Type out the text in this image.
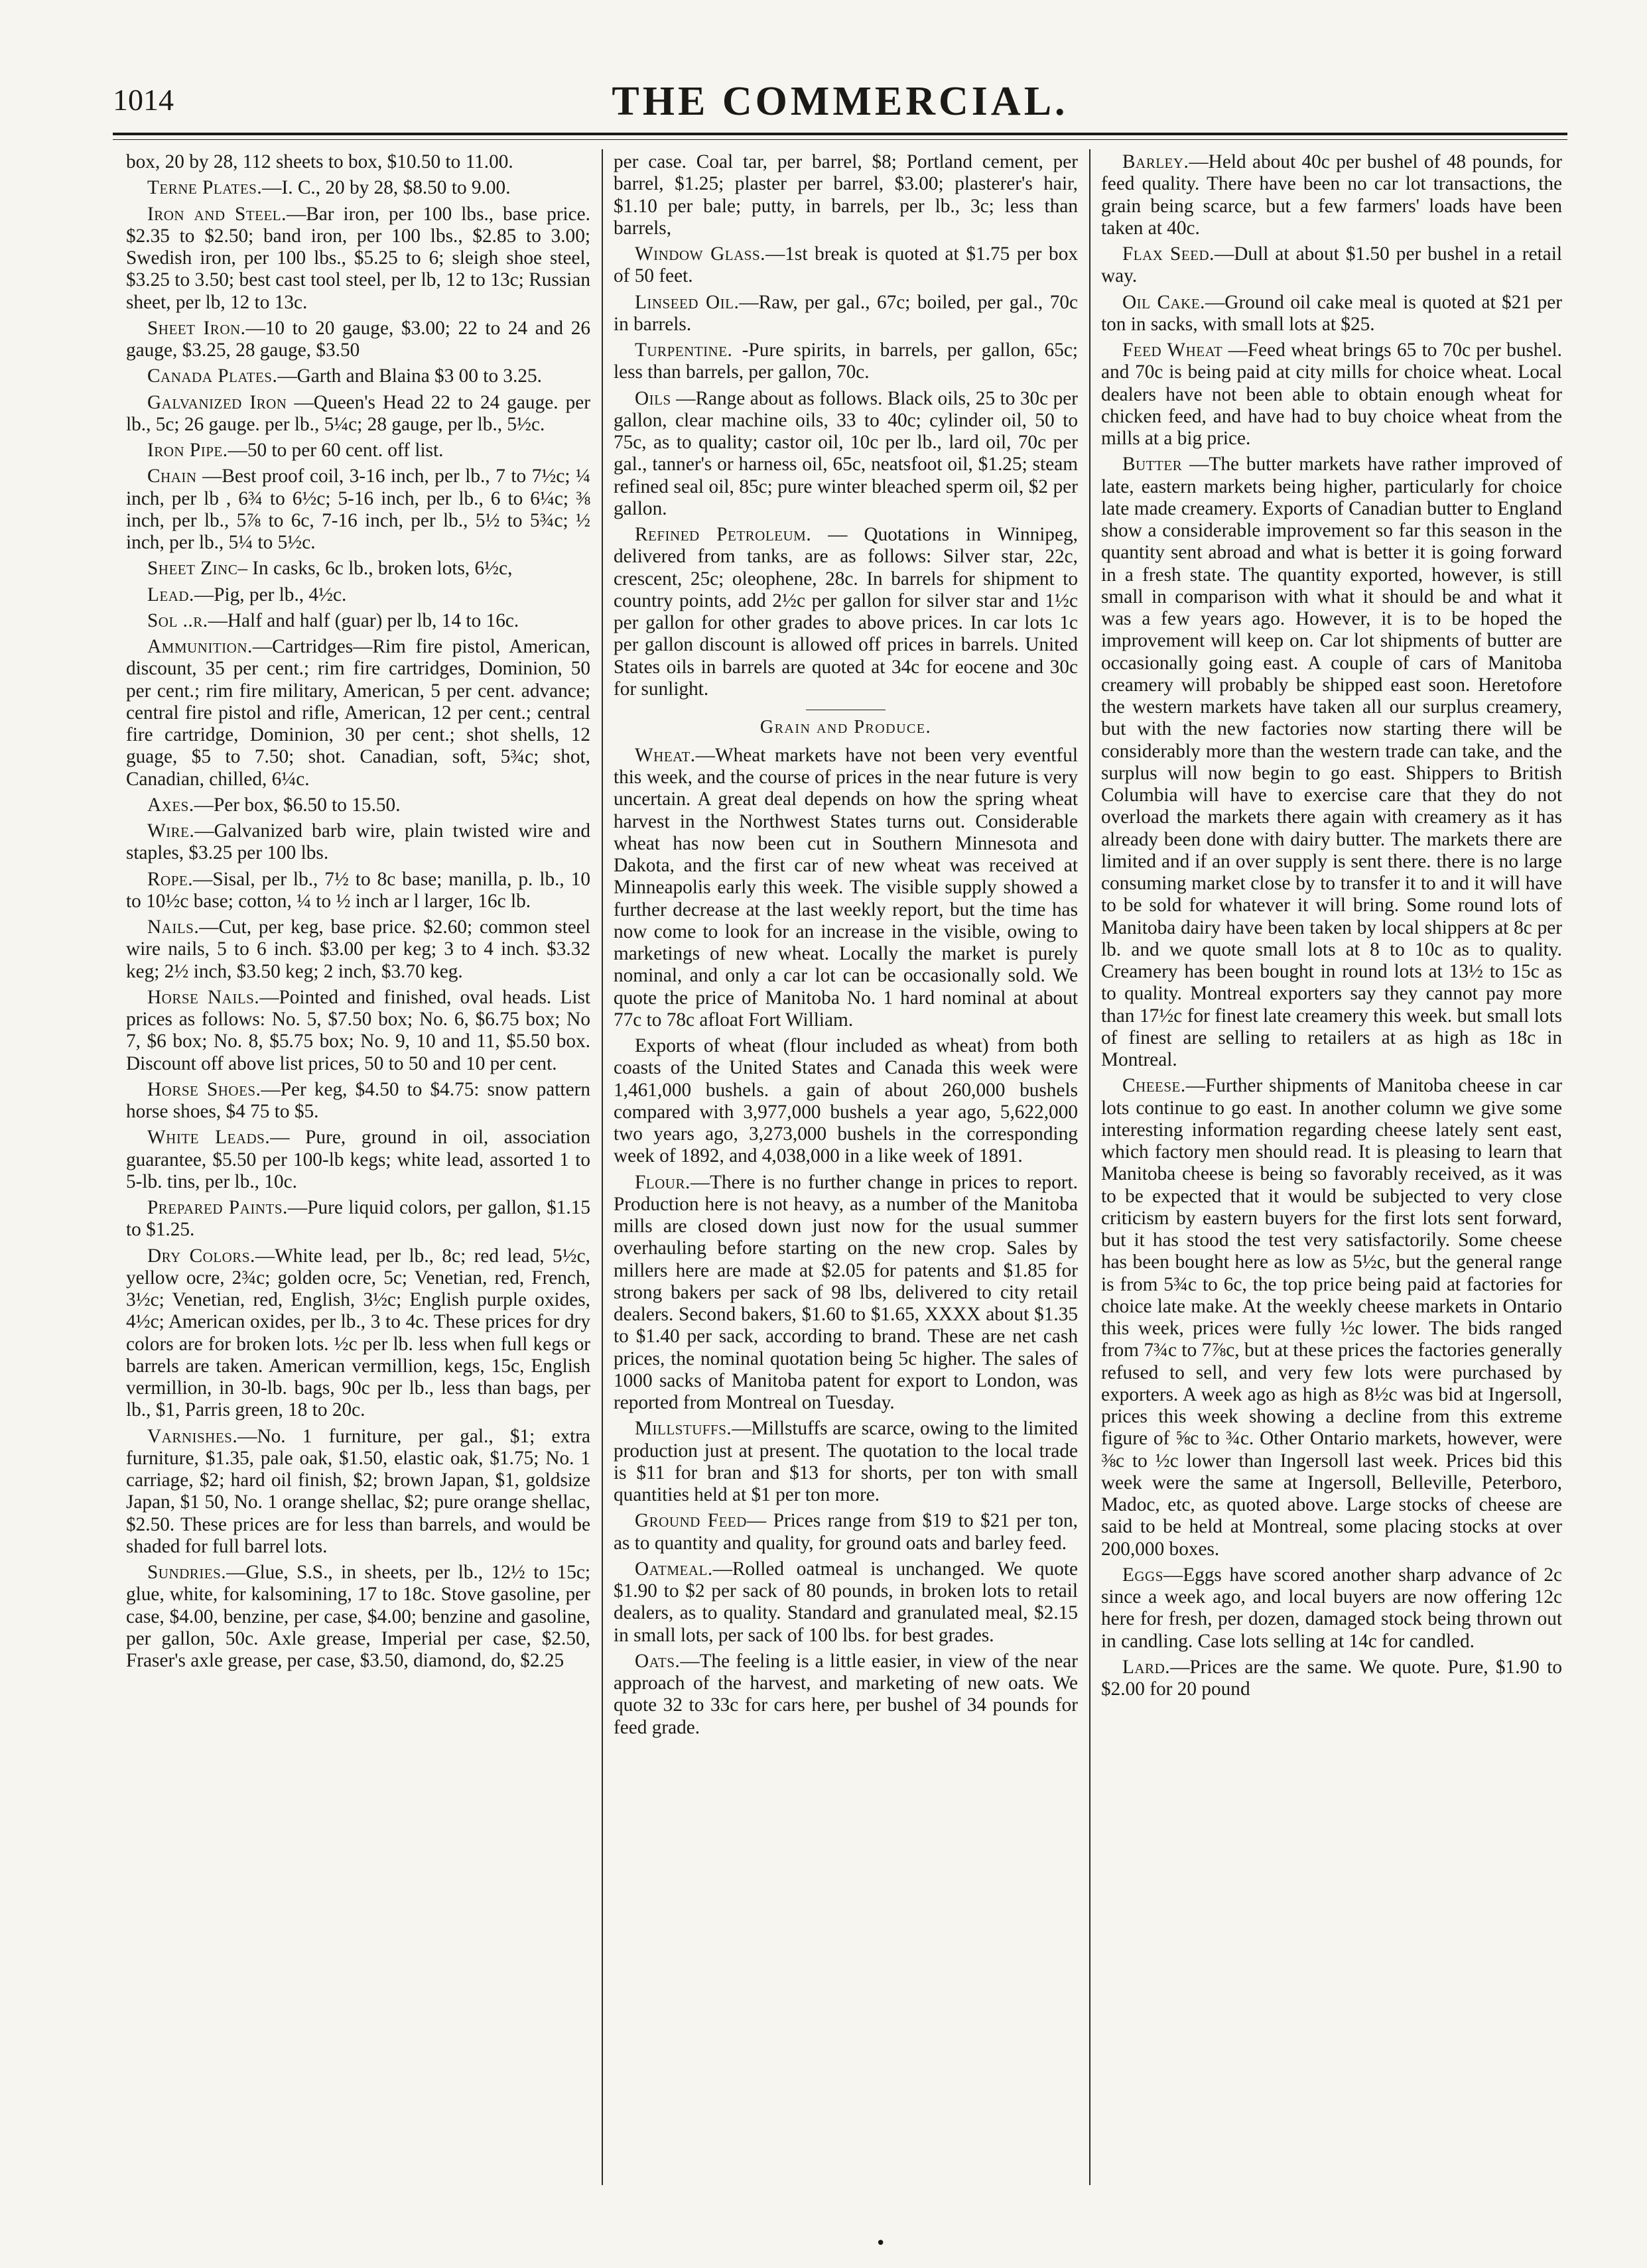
1014	THE COMMERCIAL.

box, 20 by 28, 112 sheets to box, $10.50 to 11.00.

Terne Plates.—I. C., 20 by 28, $8.50 to 9.00.

Iron and Steel.—Bar iron, per 100 lbs., base price. $2.35 to $2.50; band iron, per 100 lbs., $2.85 to 3.00; Swedish iron, per 100 lbs., $5.25 to 6; sleigh shoe steel, $3.25 to 3.50; best cast tool steel, per lb, 12 to 13c; Russian sheet, per lb, 12 to 13c.

Sheet Iron.—10 to 20 gauge, $3.00; 22 to 24 and 26 gauge, $3.25, 28 gauge, $3.50

Canada Plates.—Garth and Blaina $3 00 to 3.25.

Galvanized Iron —Queen's Head 22 to 24 gauge. per lb., 5c; 26 gauge. per lb., 5¼c; 28 gauge, per lb., 5½c.

Iron Pipe.—50 to per 60 cent. off list.

Chain —Best proof coil, 3-16 inch, per lb., 7 to 7½c; ¼ inch, per lb , 6¾ to 6½c; 5-16 inch, per lb., 6 to 6¼c; ⅜ inch, per lb., 5⅞ to 6c, 7-16 inch, per lb., 5½ to 5¾c; ½ inch, per lb., 5¼ to 5½c.

Sheet Zinc– In casks, 6c lb., broken lots, 6½c,

Lead.—Pig, per lb., 4½c.

Sol ..r.—Half and half (guar) per lb, 14 to 16c.

Ammunition.—Cartridges—Rim fire pistol, American, discount, 35 per cent.; rim fire cartridges, Dominion, 50 per cent.; rim fire military, American, 5 per cent. advance; central fire pistol and rifle, American, 12 per cent.; central fire cartridge, Dominion, 30 per cent.; shot shells, 12 guage, $5 to 7.50; shot. Canadian, soft, 5¾c; shot, Canadian, chilled, 6¼c.

Axes.—Per box, $6.50 to 15.50.

Wire.—Galvanized barb wire, plain twisted wire and staples, $3.25 per 100 lbs.

Rope.—Sisal, per lb., 7½ to 8c base; manilla, p. lb., 10 to 10½c base; cotton, ¼ to ½ inch ar l larger, 16c lb.

Nails.—Cut, per keg, base price. $2.60; common steel wire nails, 5 to 6 inch. $3.00 per keg; 3 to 4 inch. $3.32 keg; 2½ inch, $3.50 keg; 2 inch, $3.70 keg.

Horse Nails.—Pointed and finished, oval heads. List prices as follows: No. 5, $7.50 box; No. 6, $6.75 box; No 7, $6 box; No. 8, $5.75 box; No. 9, 10 and 11, $5.50 box. Discount off above list prices, 50 to 50 and 10 per cent.

Horse Shoes.—Per keg, $4.50 to $4.75: snow pattern horse shoes, $4 75 to $5.

White Leads.— Pure, ground in oil, association guarantee, $5.50 per 100-lb kegs; white lead, assorted 1 to 5-lb. tins, per lb., 10c.

Prepared Paints.—Pure liquid colors, per gallon, $1.15 to $1.25.

Dry Colors.—White lead, per lb., 8c; red lead, 5½c, yellow ocre, 2¾c; golden ocre, 5c; Venetian, red, French, 3½c; Venetian, red, English, 3½c; English purple oxides, 4½c; American oxides, per lb., 3 to 4c. These prices for dry colors are for broken lots. ½c per lb. less when full kegs or barrels are taken. American vermillion, kegs, 15c, English vermillion, in 30-lb. bags, 90c per lb., less than bags, per lb., $1, Parris green, 18 to 20c.

Varnishes.—No. 1 furniture, per gal., $1; extra furniture, $1.35, pale oak, $1.50, elastic oak, $1.75; No. 1 carriage, $2; hard oil finish, $2; brown Japan, $1, goldsize Japan, $1 50, No. 1 orange shellac, $2; pure orange shellac, $2.50. These prices are for less than barrels, and would be shaded for full barrel lots.

Sundries.—Glue, S.S., in sheets, per lb., 12½ to 15c; glue, white, for kalsomining, 17 to 18c. Stove gasoline, per case, $4.00, benzine, per case, $4.00; benzine and gasoline, per gallon, 50c. Axle grease, Imperial per case, $2.50, Fraser's axle grease, per case, $3.50, diamond, do, $2.25

per case. Coal tar, per barrel, $8; Portland cement, per barrel, $1.25; plaster per barrel, $3.00; plasterer's hair, $1.10 per bale; putty, in barrels, per lb., 3c; less than barrels,

Window Glass.—1st break is quoted at $1.75 per box of 50 feet.

Linseed Oil.—Raw, per gal., 67c; boiled, per gal., 70c in barrels.

Turpentine. -Pure spirits, in barrels, per gallon, 65c; less than barrels, per gallon, 70c.

Oils —Range about as follows. Black oils, 25 to 30c per gallon, clear machine oils, 33 to 40c; cylinder oil, 50 to 75c, as to quality; castor oil, 10c per lb., lard oil, 70c per gal., tanner's or harness oil, 65c, neatsfoot oil, $1.25; steam refined seal oil, 85c; pure winter bleached sperm oil, $2 per gallon.

Refined Petroleum. — Quotations in Winnipeg, delivered from tanks, are as follows: Silver star, 22c, crescent, 25c; oleophene, 28c. In barrels for shipment to country points, add 2½c per gallon for silver star and 1½c per gallon for other grades to above prices. In car lots 1c per gallon discount is allowed off prices in barrels. United States oils in barrels are quoted at 34c for eocene and 30c for sunlight.

Grain and Produce.

Wheat.—Wheat markets have not been very eventful this week, and the course of prices in the near future is very uncertain. A great deal depends on how the spring wheat harvest in the Northwest States turns out. Considerable wheat has now been cut in Southern Minnesota and Dakota, and the first car of new wheat was received at Minneapolis early this week. The visible supply showed a further decrease at the last weekly report, but the time has now come to look for an increase in the visible, owing to marketings of new wheat. Locally the market is purely nominal, and only a car lot can be occasionally sold. We quote the price of Manitoba No. 1 hard nominal at about 77c to 78c afloat Fort William.

Exports of wheat (flour included as wheat) from both coasts of the United States and Canada this week were 1,461,000 bushels. a gain of about 260,000 bushels compared with 3,977,000 bushels a year ago, 5,622,000 two years ago, 3,273,000 bushels in the corresponding week of 1892, and 4,038,000 in a like week of 1891.

Flour.—There is no further change in prices to report. Production here is not heavy, as a number of the Manitoba mills are closed down just now for the usual summer overhauling before starting on the new crop. Sales by millers here are made at $2.05 for patents and $1.85 for strong bakers per sack of 98 lbs, delivered to city retail dealers. Second bakers, $1.60 to $1.65, XXXX about $1.35 to $1.40 per sack, according to brand. These are net cash prices, the nominal quotation being 5c higher. The sales of 1000 sacks of Manitoba patent for export to London, was reported from Montreal on Tuesday.

Millstuffs.—Millstuffs are scarce, owing to the limited production just at present. The quotation to the local trade is $11 for bran and $13 for shorts, per ton with small quantities held at $1 per ton more.

Ground Feed— Prices range from $19 to $21 per ton, as to quantity and quality, for ground oats and barley feed.

Oatmeal.—Rolled oatmeal is unchanged. We quote $1.90 to $2 per sack of 80 pounds, in broken lots to retail dealers, as to quality. Standard and granulated meal, $2.15 in small lots, per sack of 100 lbs. for best grades.

Oats.—The feeling is a little easier, in view of the near approach of the harvest, and marketing of new oats. We quote 32 to 33c for cars here, per bushel of 34 pounds for feed grade.

Barley.—Held about 40c per bushel of 48 pounds, for feed quality. There have been no car lot transactions, the grain being scarce, but a few farmers' loads have been taken at 40c.

Flax Seed.—Dull at about $1.50 per bushel in a retail way.

Oil Cake.—Ground oil cake meal is quoted at $21 per ton in sacks, with small lots at $25.

Feed Wheat —Feed wheat brings 65 to 70c per bushel. and 70c is being paid at city mills for choice wheat. Local dealers have not been able to obtain enough wheat for chicken feed, and have had to buy choice wheat from the mills at a big price.

Butter —The butter markets have rather improved of late, eastern markets being higher, particularly for choice late made creamery. Exports of Canadian butter to England show a considerable improvement so far this season in the quantity sent abroad and what is better it is going forward in a fresh state. The quantity exported, however, is still small in comparison with what it should be and what it was a few years ago. However, it is to be hoped the improvement will keep on. Car lot shipments of butter are occasionally going east. A couple of cars of Manitoba creamery will probably be shipped east soon. Heretofore the western markets have taken all our surplus creamery, but with the new factories now starting there will be considerably more than the western trade can take, and the surplus will now begin to go east. Shippers to British Columbia will have to exercise care that they do not overload the markets there again with creamery as it has already been done with dairy butter. The markets there are limited and if an over supply is sent there. there is no large consuming market close by to transfer it to and it will have to be sold for whatever it will bring. Some round lots of Manitoba dairy have been taken by local shippers at 8c per lb. and we quote small lots at 8 to 10c as to quality. Creamery has been bought in round lots at 13½ to 15c as to quality. Montreal exporters say they cannot pay more than 17½c for finest late creamery this week. but small lots of finest are selling to retailers at as high as 18c in Montreal.

Cheese.—Further shipments of Manitoba cheese in car lots continue to go east. In another column we give some interesting information regarding cheese lately sent east, which factory men should read. It is pleasing to learn that Manitoba cheese is being so favorably received, as it was to be expected that it would be subjected to very close criticism by eastern buyers for the first lots sent forward, but it has stood the test very satisfactorily. Some cheese has been bought here as low as 5½c, but the general range is from 5¾c to 6c, the top price being paid at factories for choice late make. At the weekly cheese markets in Ontario this week, prices were fully ½c lower. The bids ranged from 7¾c to 7⅞c, but at these prices the factories generally refused to sell, and very few lots were purchased by exporters. A week ago as high as 8½c was bid at Ingersoll, prices this week showing a decline from this extreme figure of ⅝c to ¾c. Other Ontario markets, however, were ⅜c to ½c lower than Ingersoll last week. Prices bid this week were the same at Ingersoll, Belleville, Peterboro, Madoc, etc, as quoted above. Large stocks of cheese are said to be held at Montreal, some placing stocks at over 200,000 boxes.

Eggs—Eggs have scored another sharp advance of 2c since a week ago, and local buyers are now offering 12c here for fresh, per dozen, damaged stock being thrown out in candling. Case lots selling at 14c for candled.

Lard.—Prices are the same. We quote. Pure, $1.90 to $2.00 for 20 pound

•
